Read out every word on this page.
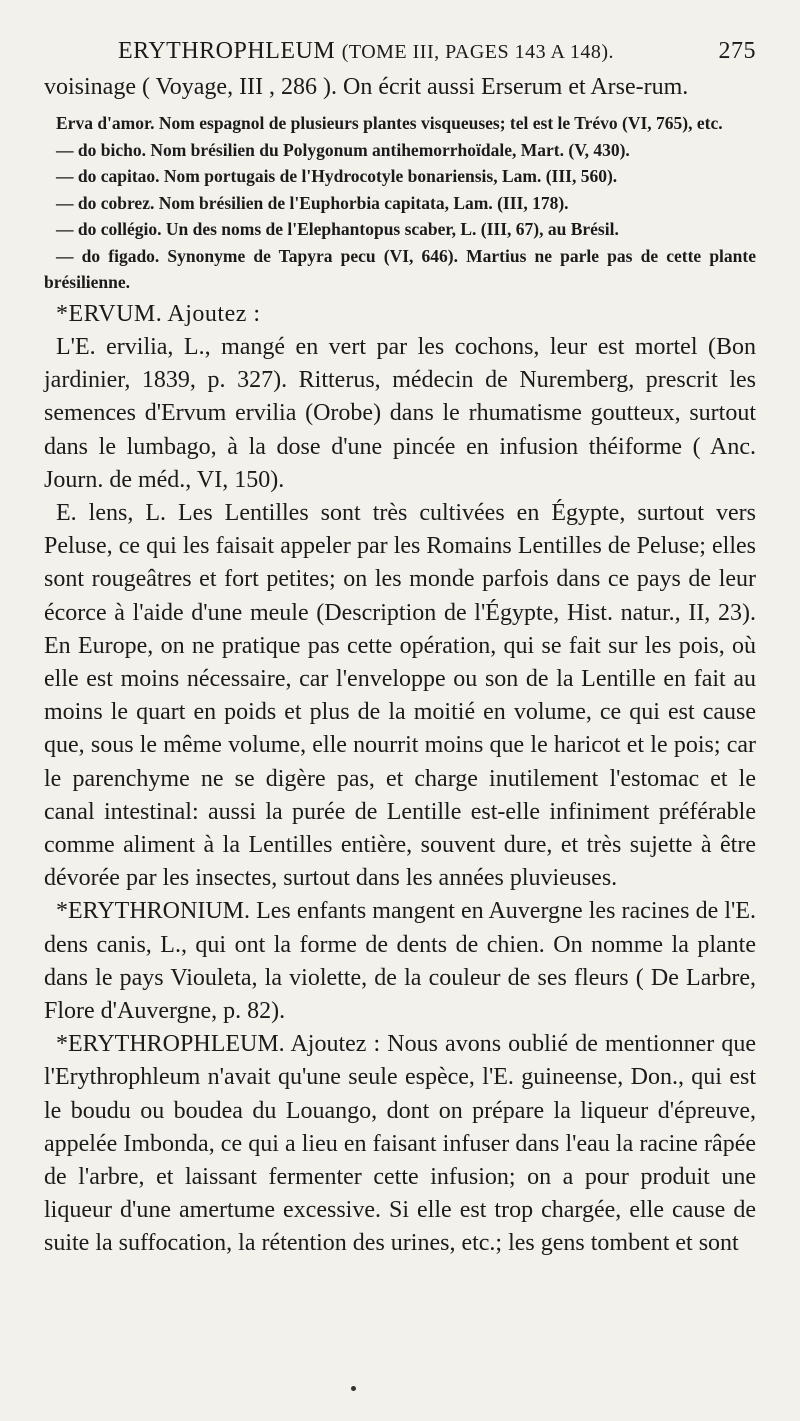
ERYTHROPHLEUM (TOME III, PAGES 143 A 148).	275

voisinage ( Voyage, III , 286 ). On écrit aussi Erserum et Arse-rum.

Erva d'amor. Nom espagnol de plusieurs plantes visqueuses; tel est le Trévo (VI, 765), etc.

— do bicho. Nom brésilien du Polygonum antihemorrhoïdale, Mart. (V, 430).

— do capitao. Nom portugais de l'Hydrocotyle bonariensis, Lam. (III, 560).

— do cobrez. Nom brésilien de l'Euphorbia capitata, Lam. (III, 178).

— do collégio. Un des noms de l'Elephantopus scaber, L. (III, 67), au Brésil.

— do figado. Synonyme de Tapyra pecu (VI, 646). Martius ne parle pas de cette plante brésilienne.

*ERVUM. Ajoutez :

L'E. ervilia, L., mangé en vert par les cochons, leur est mortel (Bon jardinier, 1839, p. 327). Ritterus, médecin de Nuremberg, prescrit les semences d'Ervum ervilia (Orobe) dans le rhumatisme goutteux, surtout dans le lumbago, à la dose d'une pincée en infusion théiforme ( Anc. Journ. de méd., VI, 150).

E. lens, L. Les Lentilles sont très cultivées en Égypte, surtout vers Peluse, ce qui les faisait appeler par les Romains Lentilles de Peluse; elles sont rougeâtres et fort petites; on les monde parfois dans ce pays de leur écorce à l'aide d'une meule (Description de l'Égypte, Hist. natur., II, 23). En Europe, on ne pratique pas cette opération, qui se fait sur les pois, où elle est moins nécessaire, car l'enveloppe ou son de la Lentille en fait au moins le quart en poids et plus de la moitié en volume, ce qui est cause que, sous le même volume, elle nourrit moins que le haricot et le pois; car le parenchyme ne se digère pas, et charge inutilement l'estomac et le canal intestinal: aussi la purée de Lentille est-elle infiniment préférable comme aliment à la Lentilles entière, souvent dure, et très sujette à être dévorée par les insectes, surtout dans les années pluvieuses.

*ERYTHRONIUM. Les enfants mangent en Auvergne les racines de l'E. dens canis, L., qui ont la forme de dents de chien. On nomme la plante dans le pays Viouleta, la violette, de la couleur de ses fleurs ( De Larbre, Flore d'Auvergne, p. 82).

*ERYTHROPHLEUM. Ajoutez : Nous avons oublié de mentionner que l'Erythrophleum n'avait qu'une seule espèce, l'E. guineense, Don., qui est le boudu ou boudea du Louango, dont on prépare la liqueur d'épreuve, appelée Imbonda, ce qui a lieu en faisant infuser dans l'eau la racine râpée de l'arbre, et laissant fermenter cette infusion; on a pour produit une liqueur d'une amertume excessive. Si elle est trop chargée, elle cause de suite la suffocation, la rétention des urines, etc.; les gens tombent et sont
